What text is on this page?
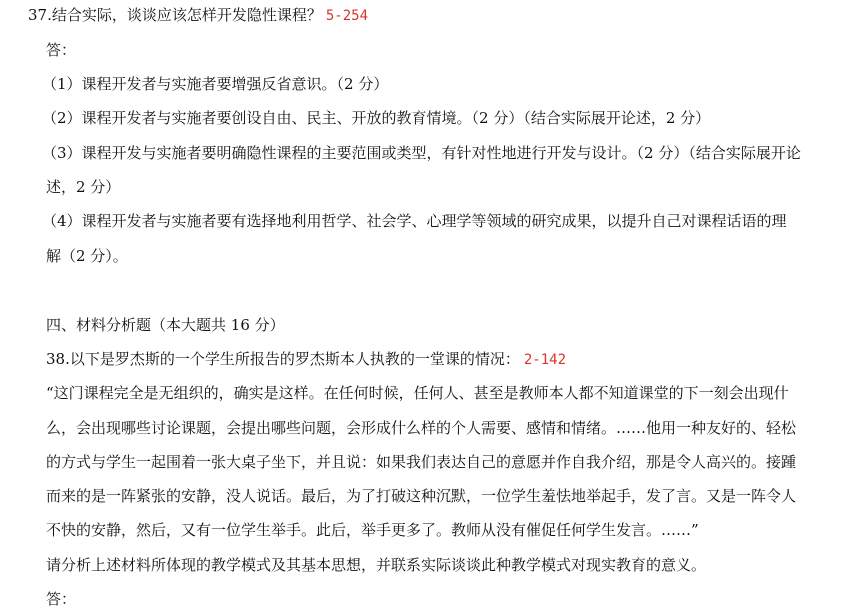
37.结合实际，谈谈应该怎样开发隐性课程？ 5-254
答：
（1）课程开发者与实施者要增强反省意识。（2 分）
（2）课程开发者与实施者要创设自由、民主、开放的教育情境。（2 分）（结合实际展开论述，2 分）
（3）课程开发与实施者要明确隐性课程的主要范围或类型，有针对性地进行开发与设计。（2 分）（结合实际展开论
述，2 分）
（4）课程开发者与实施者要有选择地利用哲学、社会学、心理学等领域的研究成果，以提升自己对课程话语的理
解（2 分）。
四、材料分析题（本大题共 16 分）
38.以下是罗杰斯的一个学生所报告的罗杰斯本人执教的一堂课的情况： 2-142
“这门课程完全是无组织的，确实是这样。在任何时候，任何人、甚至是教师本人都不知道课堂的下一刻会出现什
么，会出现哪些讨论课题，会提出哪些问题，会形成什么样的个人需要、感情和情绪。……他用一种友好的、轻松
的方式与学生一起围着一张大桌子坐下，并且说：如果我们表达自己的意愿并作自我介绍，那是令人高兴的。接踵
而来的是一阵紧张的安静，没人说话。最后，为了打破这种沉默，一位学生羞怯地举起手，发了言。又是一阵令人
不快的安静，然后，又有一位学生举手。此后，举手更多了。教师从没有催促任何学生发言。……”
请分析上述材料所体现的教学模式及其基本思想，并联系实际谈谈此种教学模式对现实教育的意义。
答：
